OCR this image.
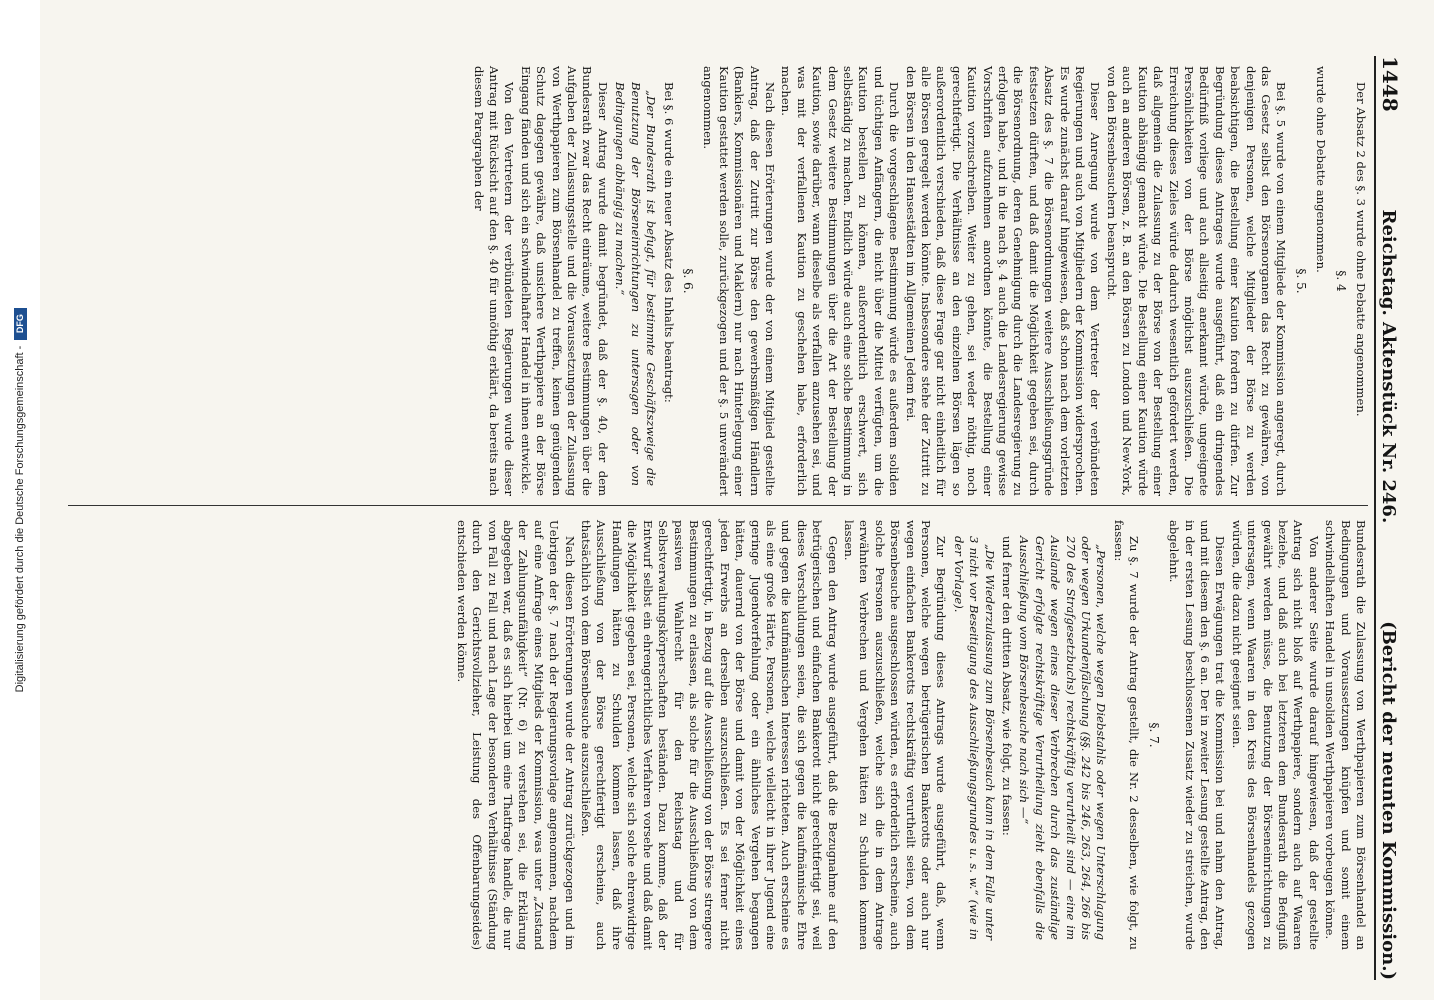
Digitalisierung gefördert durch die Deutsche Forschungsgemeinschaft -
DFG
1448
Reichstag. Aktenstück Nr. 246.
(Bericht der neunten Kommission.)

Der Absatz 2 des §. 3 wurde ohne Debatte angenommen.

§. 4

wurde ohne Debatte angenommen.

§. 5.

Bei §. 5 wurde von einem Mitgliede der Kommission angeregt, durch das Gesetz selbst den Börsenorganen das Recht zu gewähren, von denjenigen Personen, welche Mitglieder der Börse zu werden beabsichtigen, die Bestellung einer Kaution fordern zu dürfen. Zur Begründung dieses Antrages wurde ausgeführt, daß ein dringendes Bedürfniß vorliege und auch allseitig anerkannt würde, ungeeignete Persönlichkeiten von der Börse möglichst auszuschließen. Die Erreichung dieses Zieles würde dadurch wesentlich gefördert werden, daß allgemein die Zulassung zu der Börse von der Bestellung einer Kaution abhängig gemacht würde. Die Bestellung einer Kaution würde auch an anderen Börsen, z. B. an den Börsen zu London und New-York, von den Börsenbesuchern beansprucht.

Dieser Anregung wurde von dem Vertreter der verbündeten Regierungen und auch von Mitgliedern der Kommission widersprochen. Es wurde zunächst darauf hingewiesen, daß schon nach dem vorletzten Absatz des §. 7 die Börsenordnungen weitere Ausschließungsgründe festsetzen dürften, und daß damit die Möglichkeit gegeben sei, durch die Börsenordnung, deren Genehmigung durch die Landesregierung zu erfolgen habe, und in die nach §. 4 auch die Landesregierung gewisse Vorschriften aufzunehmen anordnen könnte, die Bestellung einer Kaution vorzuschreiben. Weiter zu gehen, sei weder nöthig, noch gerechtfertigt. Die Verhältnisse an den einzelnen Börsen lägen so außerordentlich verschieden, daß diese Frage gar nicht einheitlich für alle Börsen geregelt werden könnte. Insbesondere stehe der Zutritt zu den Börsen in den Hansestädten im Allgemeinen Jedem frei.

Durch die vorgeschlagene Bestimmung würde es außerdem soliden und tüchtigen Anfängern, die nicht über die Mittel verfügten, um die Kaution bestellen zu können, außerordentlich erschwert, sich selbständig zu machen. Endlich würde auch eine solche Bestimmung in dem Gesetz weitere Bestimmungen über die Art der Bestellung der Kaution, sowie darüber, wann dieselbe als verfallen anzusehen sei, und was mit der verfallenen Kaution zu geschehen habe, erforderlich machen.

Nach diesen Erörterungen wurde der von einem Mitglied gestellte Antrag, daß der Zutritt zur Börse den gewerbsmäßigen Händlern (Bankiers, Kommissionären und Maklern) nur nach Hinterlegung einer Kaution gestattet werden solle, zurückgezogen und der §. 5 unverändert angenommen.

§. 6.

Bei §. 6 wurde ein neuer Absatz des Inhalts beantragt:

„Der Bundesrath ist befugt, für bestimmte Geschäftszweige die Benutzung der Börseneinrichtungen zu untersagen oder von Bedingungen abhängig zu machen.“

Dieser Antrag wurde damit begründet, daß der §. 40, der dem Bundesrath zwar das Recht einräume, weitere Bestimmungen über die Aufgaben der Zulassungsstelle und die Voraussetzungen der Zulassung von Werthpapieren zum Börsenhandel zu treffen, keinen genügenden Schutz dagegen gewähre, daß unsichere Werthpapiere an der Börse Eingang fänden und sich ein schwindelhafter Handel in ihnen entwickle.

Von den Vertretern der verbündeten Regierungen wurde dieser Antrag mit Rücksicht auf den §. 40 für unnöthig erklärt, da bereits nach diesem Paragraphen der

Bundesrath die Zulassung von Werthpapieren zum Börsenhandel an Bedingungen und Voraussetzungen knüpfen und somit einem schwindelhaften Handel in unsoliden Werthpapieren vorbeugen könne.

Von anderer Seite wurde darauf hingewiesen, daß der gestellte Antrag sich nicht bloß auf Werthpapiere, sondern auch auf Waaren beziehe, und daß auch bei letzteren dem Bundesrath die Befugniß gewährt werden müsse, die Benutzung der Börseneinrichtungen zu untersagen, wenn Waaren in den Kreis des Börsenhandels gezogen würden, die dazu nicht geeignet seien.

Diesen Erwägungen trat die Kommission bei und nahm den Antrag, und mit diesem den §. 6 an. Der in zweiter Lesung gestellte Antrag, den in der ersten Lesung beschlossenen Zusatz wieder zu streichen, wurde abgelehnt.

§. 7.

Zu §. 7 wurde der Antrag gestellt, die Nr. 2 desselben, wie folgt, zu fassen:

„Personen, welche wegen Diebstahls oder wegen Unterschlagung oder wegen Urkundenfälschung (§§. 242 bis 246, 263, 264, 266 bis 270 des Strafgesetzbuchs) rechtskräftig verurtheilt sind — eine im Auslande wegen eines dieser Verbrechen durch das zuständige Gericht erfolgte rechtskräftige Verurtheilung zieht ebenfalls die Ausschließung vom Börsenbesuche nach sich —“

und ferner den dritten Absatz, wie folgt, zu fassen:

„Die Wiederzulassung zum Börsenbesuch kann in dem Falle unter 3 nicht vor Beseitigung des Ausschließungsgrundes u. s. w.“ (wie in der Vorlage).

Zur Begründung dieses Antrags wurde ausgeführt, daß, wenn Personen, welche wegen betrügerischen Bankerotts oder auch nur wegen einfachen Bankerotts rechtskräftig verurtheilt seien, von dem Börsenbesuche ausgeschlossen würden, es erforderlich erscheine, auch solche Personen auszuschließen, welche sich die in dem Antrage erwähnten Verbrechen und Vergehen hätten zu Schulden kommen lassen.

Gegen den Antrag wurde ausgeführt, daß die Bezugnahme auf den betrügerischen und einfachen Bankerott nicht gerechtfertigt sei, weil dieses Verschuldungen seien, die sich gegen die kaufmännische Ehre und gegen die kaufmännischen Interessen richteten. Auch erscheine es als eine große Härte, Personen, welche vielleicht in ihrer Jugend eine geringe Jugendverfehlung oder ein ähnliches Vergehen begangen hätten, dauernd von der Börse und damit von der Möglichkeit eines jeden Erwerbs an derselben auszuschließen. Es sei ferner nicht gerechtfertigt, in Bezug auf die Ausschließung von der Börse strengere Bestimmungen zu erlassen, als solche für die Ausschließung von dem passiven Wahlrecht für den Reichstag und für Selbstverwaltungskörperschaften beständen. Dazu komme, daß der Entwurf selbst ein ehrengerichtliches Verfahren vorsehe und daß damit die Möglichkeit gegeben sei, Personen, welche sich solche ehrenwidrige Handlungen hätten zu Schulden kommen lassen, daß ihre Ausschließung von der Börse gerechtfertigt erscheine, auch thatsächlich von dem Börsenbesuche auszuschließen.

Nach diesen Erörterungen wurde der Antrag zurückgezogen und im Uebrigen der §. 7 nach der Regierungsvorlage angenommen, nachdem auf eine Anfrage eines Mitglieds der Kommission, was unter „Zustand der Zahlungsunfähigkeit“ (Nr. 6) zu verstehen sei, die Erklärung abgegeben war, daß es sich hierbei um eine Thatfrage handle, die nur von Fall zu Fall und nach Lage der besonderen Verhältnisse (Ständung durch den Gerichtsvollzieher, Leistung des Offenbarungseides) entschieden werden könne.
